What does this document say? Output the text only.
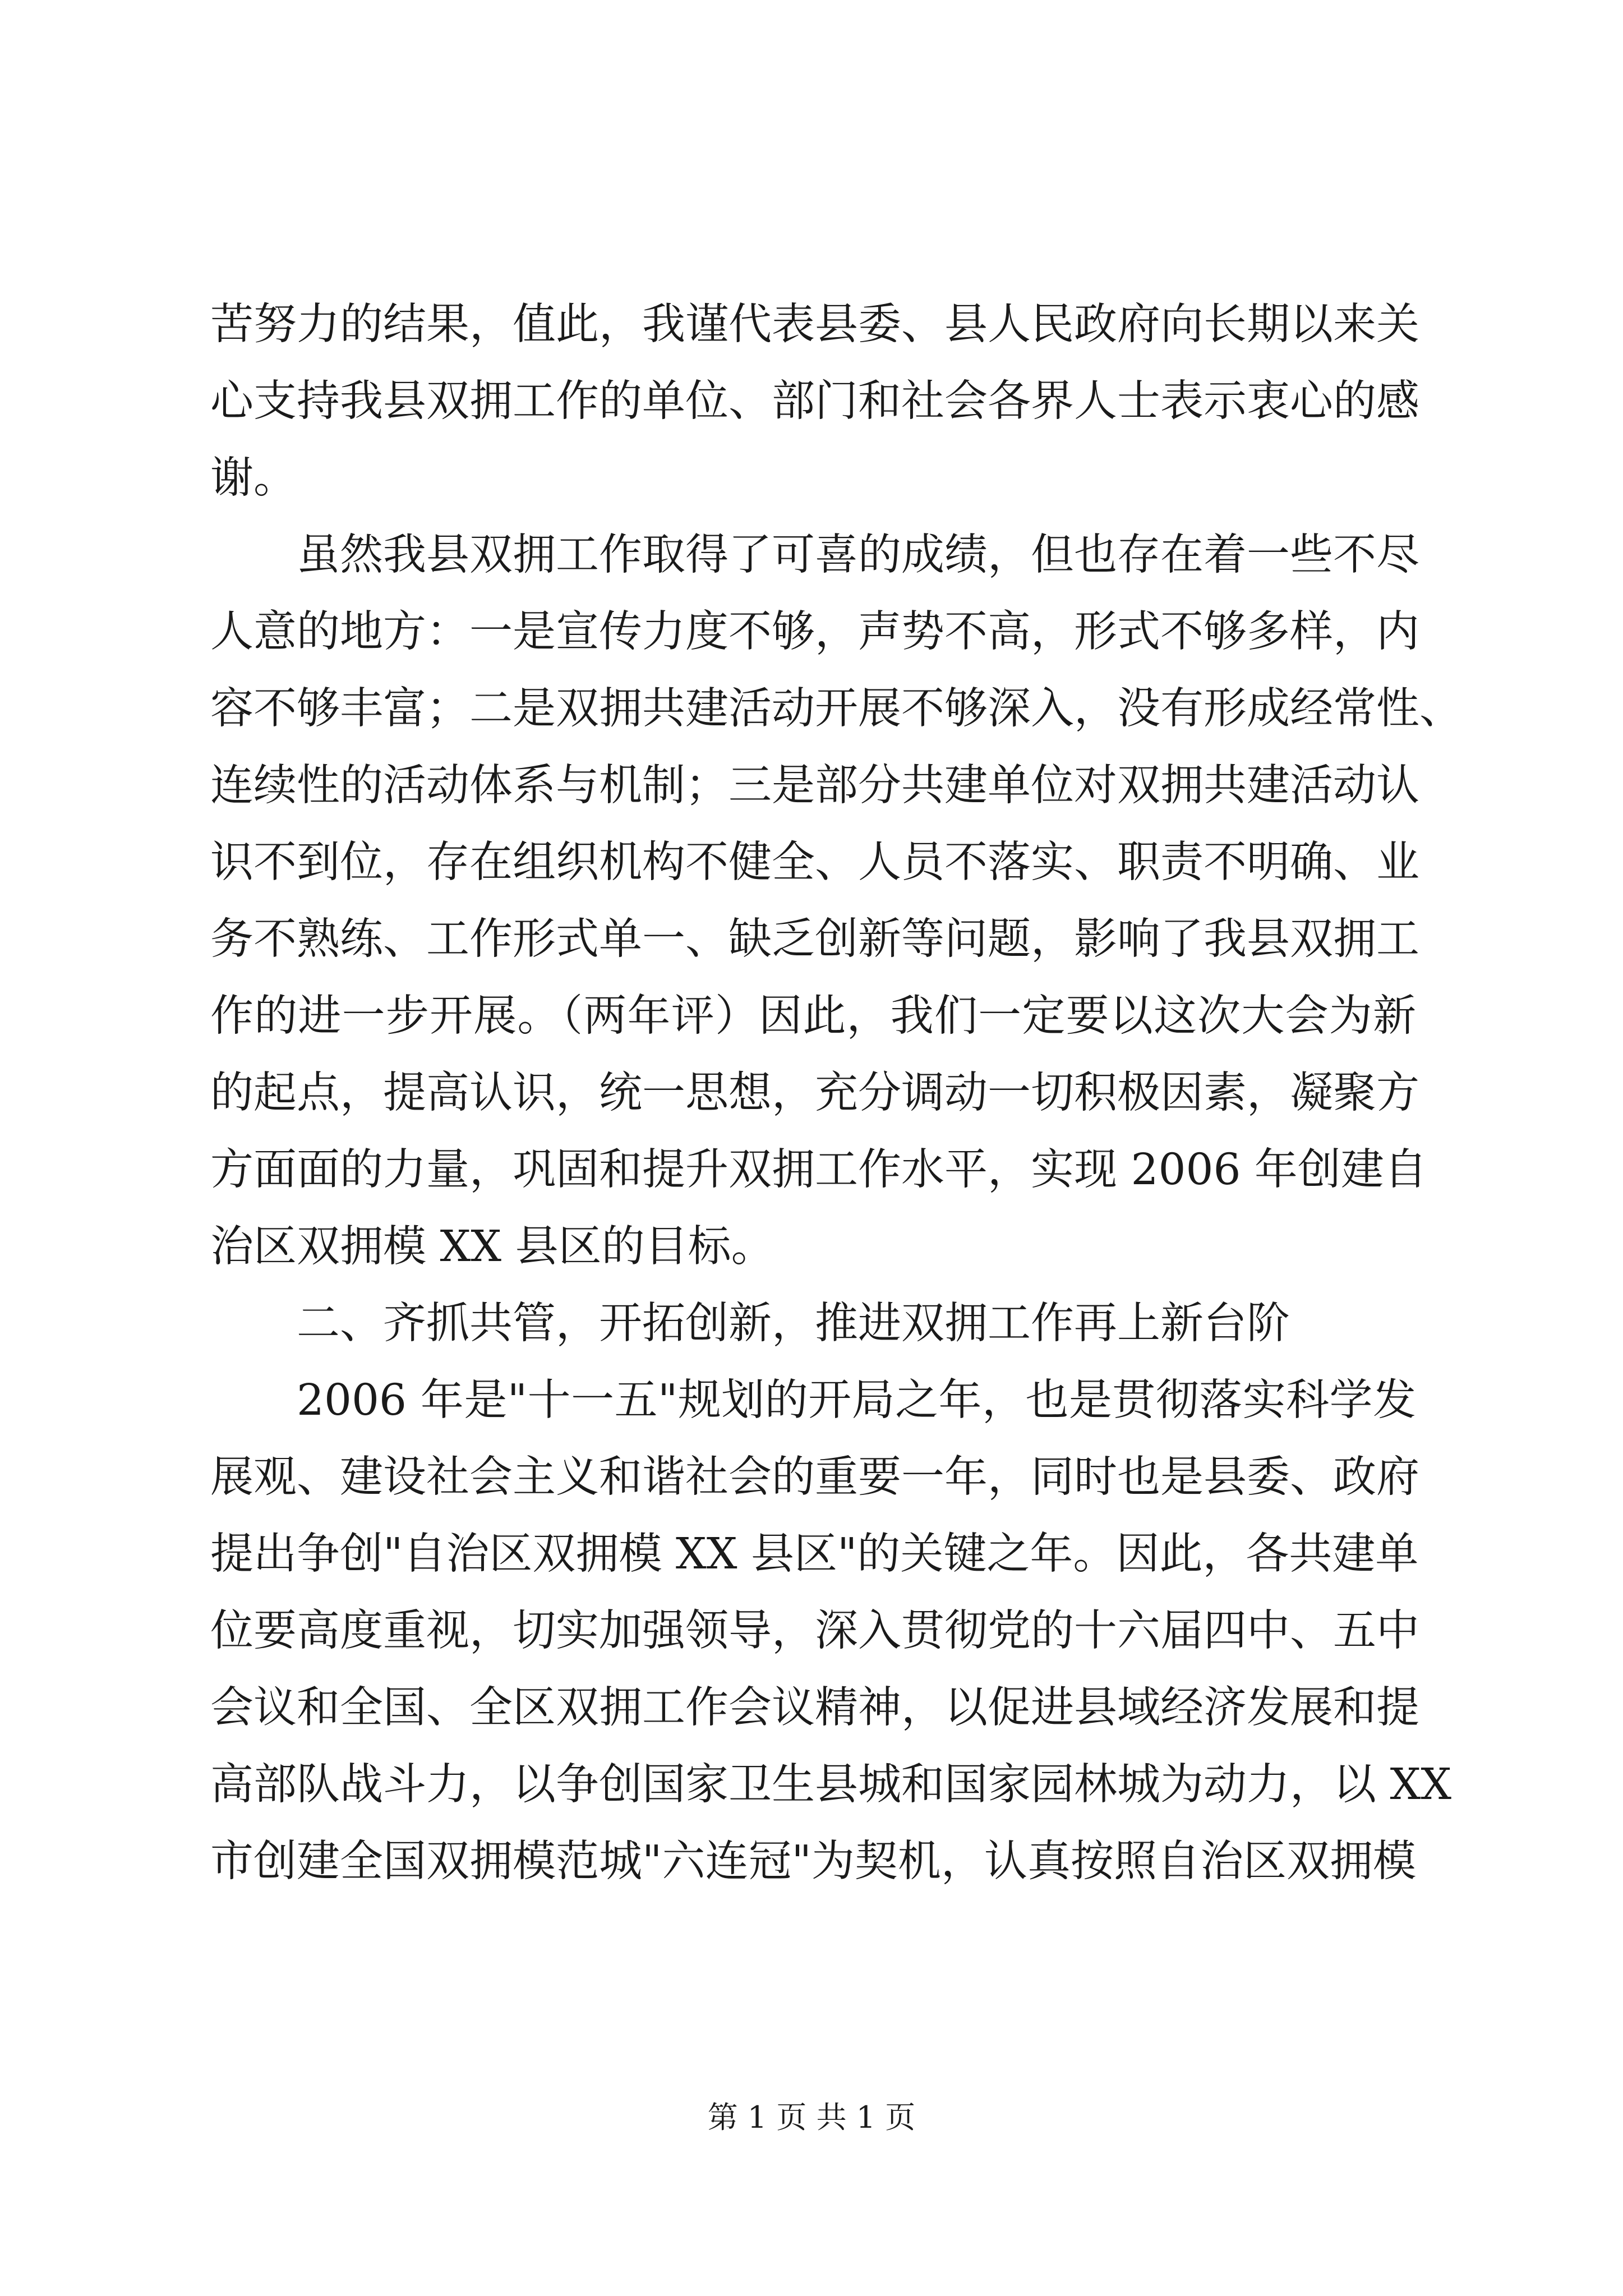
苦努力的结果，值此，我谨代表县委、县人民政府向长期以来关
心支持我县双拥工作的单位、部门和社会各界人士表示衷心的感
谢。
虽然我县双拥工作取得了可喜的成绩，但也存在着一些不尽
人意的地方：一是宣传力度不够，声势不高，形式不够多样，内
容不够丰富；二是双拥共建活动开展不够深入，没有形成经常性、
连续性的活动体系与机制；三是部分共建单位对双拥共建活动认
识不到位，存在组织机构不健全、人员不落实、职责不明确、业
务不熟练、工作形式单一、缺乏创新等问题，影响了我县双拥工
作的进一步开展。（两年评）因此，我们一定要以这次大会为新
的起点，提高认识，统一思想，充分调动一切积极因素，凝聚方
方面面的力量，巩固和提升双拥工作水平，实现 2006 年创建自
治区双拥模 XX 县区的目标。
二、齐抓共管，开拓创新，推进双拥工作再上新台阶
2006 年是"十一五"规划的开局之年，也是贯彻落实科学发
展观、建设社会主义和谐社会的重要一年，同时也是县委、政府
提出争创"自治区双拥模 XX 县区"的关键之年。因此，各共建单
位要高度重视，切实加强领导，深入贯彻党的十六届四中、五中
会议和全国、全区双拥工作会议精神，以促进县域经济发展和提
高部队战斗力，以争创国家卫生县城和国家园林城为动力，以 XX
市创建全国双拥模范城"六连冠"为契机，认真按照自治区双拥模
第 1 页 共 1 页
